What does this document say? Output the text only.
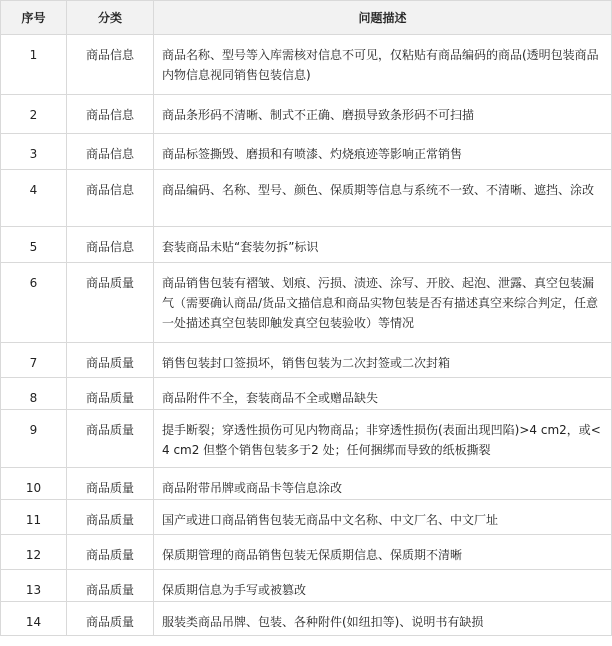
序号	分类	问题描述
1	商品信息	商品名称、型号等入库需核对信息不可见，仅粘贴有商品编码的商品(透明包装商品内物信息视同销售包装信息)
2	商品信息	商品条形码不清晰、制式不正确、磨损导致条形码不可扫描
3	商品信息	商品标签撕毁、磨损和有喷漆、灼烧痕迹等影响正常销售
4	商品信息	商品编码、名称、型号、颜色、保质期等信息与系统不一致、不清晰、遮挡、涂改
5	商品信息	套装商品未贴“套装勿拆”标识
6	商品质量	商品销售包装有褶皱、划痕、污损、渍迹、涂写、开胶、起泡、泄露、真空包装漏气（需要确认商品/货品文描信息和商品实物包装是否有描述真空来综合判定，任意一处描述真空包装即触发真空包装验收）等情况
7	商品质量	销售包装封口签损坏，销售包装为二次封签或二次封箱
8	商品质量	商品附件不全，套装商品不全或赠品缺失
9	商品质量	提手断裂；穿透性损伤可见内物商品；非穿透性损伤(表面出现凹陷)>4 cm2，或<4 cm2 但整个销售包装多于2 处；任何捆绑而导致的纸板撕裂
10	商品质量	商品附带吊牌或商品卡等信息涂改
11	商品质量	国产或进口商品销售包装无商品中文名称、中文厂名、中文厂址
12	商品质量	保质期管理的商品销售包装无保质期信息、保质期不清晰
13	商品质量	保质期信息为手写或被篡改
14	商品质量	服装类商品吊牌、包装、各种附件(如纽扣等)、说明书有缺损
